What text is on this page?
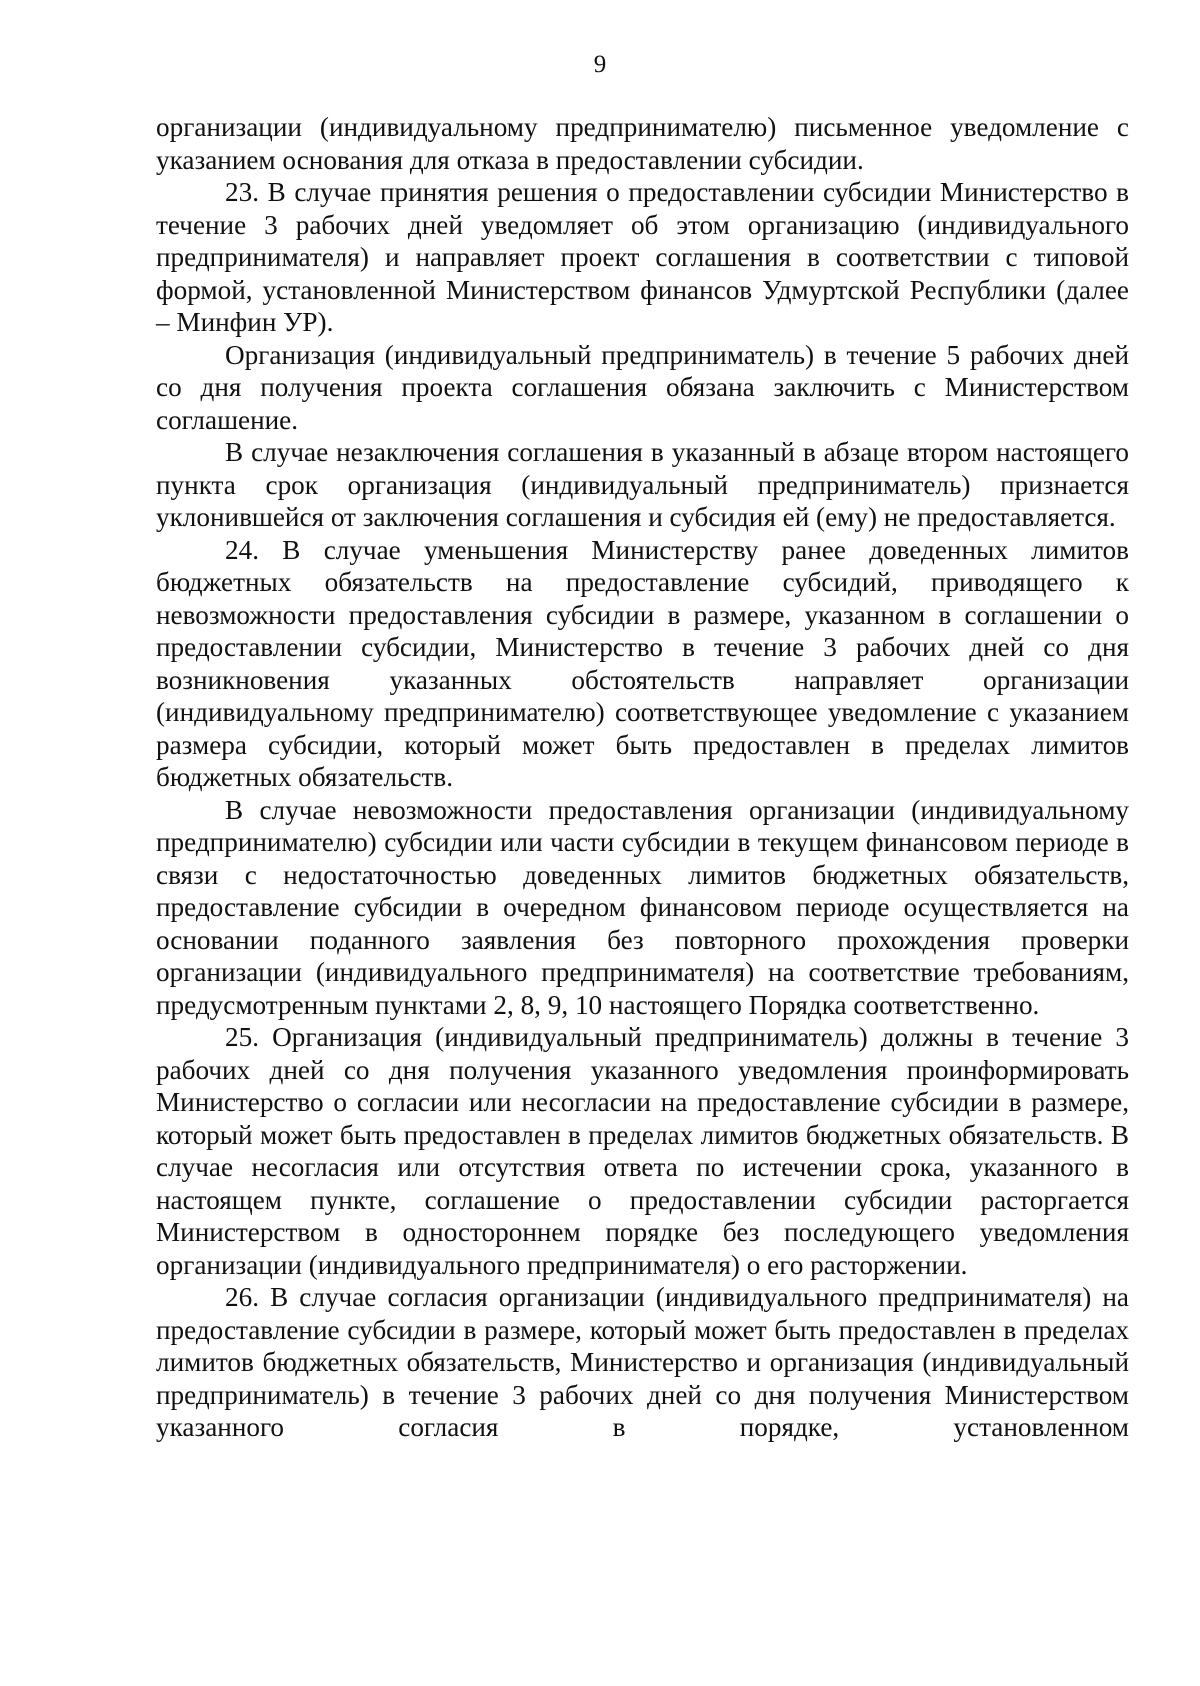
9

организации (индивидуальному предпринимателю) письменное уведомление с указанием основания для отказа в предоставлении субсидии.

23. В случае принятия решения о предоставлении субсидии Министерство в течение 3 рабочих дней уведомляет об этом организацию (индивидуального предпринимателя) и направляет проект соглашения в соответствии с типовой формой, установленной Министерством финансов Удмуртской Республики (далее – Минфин УР).

Организация (индивидуальный предприниматель) в течение 5 рабочих дней со дня получения проекта соглашения обязана заключить с Министерством соглашение.

В случае незаключения соглашения в указанный в абзаце втором настоящего пункта срок организация (индивидуальный предприниматель) признается уклонившейся от заключения соглашения и субсидия ей (ему) не предоставляется.

24. В случае уменьшения Министерству ранее доведенных лимитов бюджетных обязательств на предоставление субсидий, приводящего к невозможности предоставления субсидии в размере, указанном в соглашении о предоставлении субсидии, Министерство в течение 3 рабочих дней со дня возникновения указанных обстоятельств направляет организации (индивидуальному предпринимателю) соответствующее уведомление с указанием размера субсидии, который может быть предоставлен в пределах лимитов бюджетных обязательств.

В случае невозможности предоставления организации (индивидуальному предпринимателю) субсидии или части субсидии в текущем финансовом периоде в связи с недостаточностью доведенных лимитов бюджетных обязательств, предоставление субсидии в очередном финансовом периоде осуществляется на основании поданного заявления без повторного прохождения проверки организации (индивидуального предпринимателя) на соответствие требованиям, предусмотренным пунктами 2, 8, 9, 10 настоящего Порядка соответственно.

25. Организация (индивидуальный предприниматель) должны в течение 3 рабочих дней со дня получения указанного уведомления проинформировать Министерство о согласии или несогласии на предоставление субсидии в размере, который может быть предоставлен в пределах лимитов бюджетных обязательств. В случае несогласия или отсутствия ответа по истечении срока, указанного в настоящем пункте, соглашение о предоставлении субсидии расторгается Министерством в одностороннем порядке без последующего уведомления организации (индивидуального предпринимателя) о его расторжении.

26. В случае согласия организации (индивидуального предпринимателя) на предоставление субсидии в размере, который может быть предоставлен в пределах лимитов бюджетных обязательств, Министерство и организация (индивидуальный предприниматель) в течение 3 рабочих дней со дня получения Министерством указанного согласия в порядке, установленном
